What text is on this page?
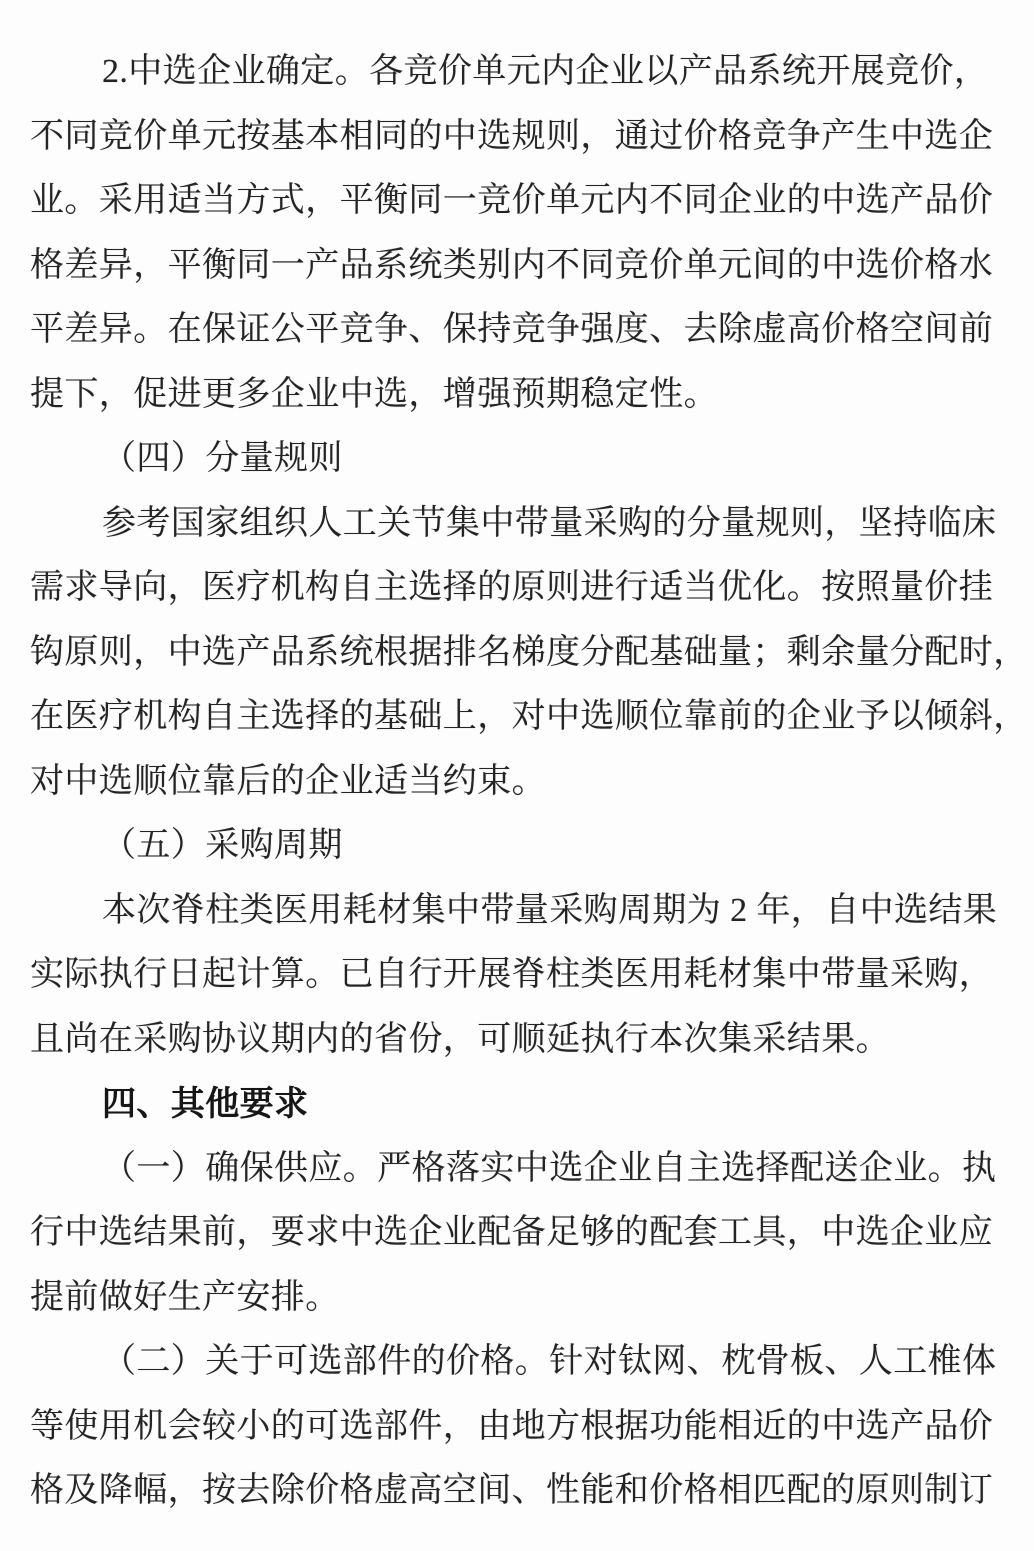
2.中选企业确定。各竞价单元内企业以产品系统开展竞价，
不同竞价单元按基本相同的中选规则，通过价格竞争产生中选企
业。采用适当方式，平衡同一竞价单元内不同企业的中选产品价
格差异，平衡同一产品系统类别内不同竞价单元间的中选价格水
平差异。在保证公平竞争、保持竞争强度、去除虚高价格空间前
提下，促进更多企业中选，增强预期稳定性。
（四）分量规则
参考国家组织人工关节集中带量采购的分量规则，坚持临床
需求导向，医疗机构自主选择的原则进行适当优化。按照量价挂
钩原则，中选产品系统根据排名梯度分配基础量；剩余量分配时，
在医疗机构自主选择的基础上，对中选顺位靠前的企业予以倾斜，
对中选顺位靠后的企业适当约束。
（五）采购周期
本次脊柱类医用耗材集中带量采购周期为 2 年，自中选结果
实际执行日起计算。已自行开展脊柱类医用耗材集中带量采购，
且尚在采购协议期内的省份，可顺延执行本次集采结果。
四、其他要求
（一）确保供应。严格落实中选企业自主选择配送企业。执
行中选结果前，要求中选企业配备足够的配套工具，中选企业应
提前做好生产安排。
（二）关于可选部件的价格。针对钛网、枕骨板、人工椎体
等使用机会较小的可选部件，由地方根据功能相近的中选产品价
格及降幅，按去除价格虚高空间、性能和价格相匹配的原则制订
